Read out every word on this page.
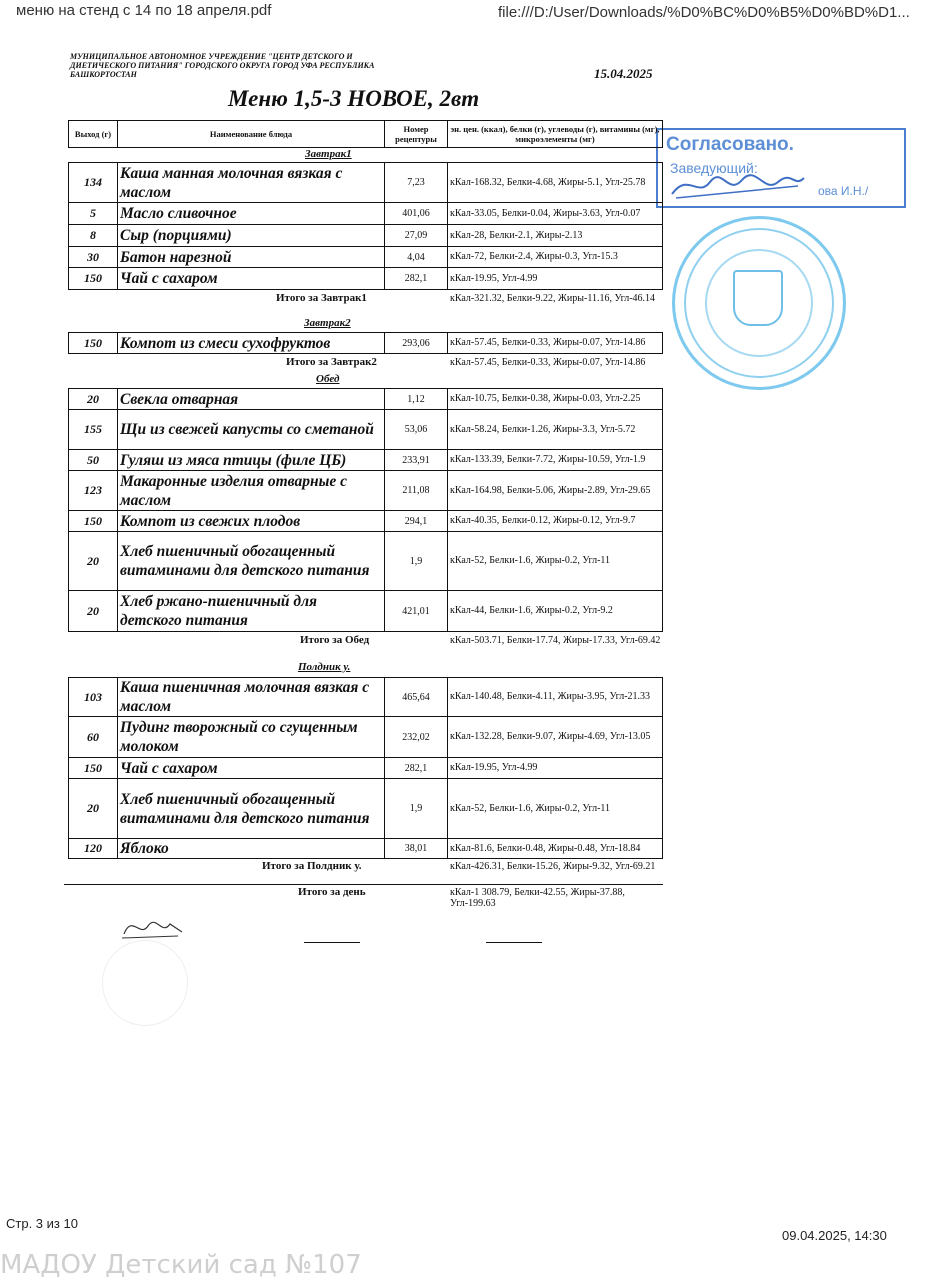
меню на стенд с 14 по 18 апреля.pdf	file:///D:/User/Downloads/%D0%BC%D0%B5%D0%BD%D1...
МУНИЦИПАЛЬНОЕ АВТОНОМНОЕ УЧРЕЖДЕНИЕ "ЦЕНТР ДЕТСКОГО И ДИЕТИЧЕСКОГО ПИТАНИЯ" ГОРОДСКОГО ОКРУГА ГОРОД УФА РЕСПУБЛИКА БАШКОРТОСТАН	15.04.2025
Меню 1,5-3 НОВОЕ, 2вт
Согласовано.
Заведующий:
ова И.Н./
Выход (г)	Наименование блюда	Номер рецептуры	эн. цен. (ккал), белки (г), углеводы (г), витамины (мг), микроэлементы (мг)
Завтрак1
134	Каша манная молочная вязкая с маслом	7,23	кКал-168.32, Белки-4.68, Жиры-5.1, Угл-25.78
5	Масло сливочное	401,06	кКал-33.05, Белки-0.04, Жиры-3.63, Угл-0.07
8	Сыр (порциями)	27,09	кКал-28, Белки-2.1, Жиры-2.13
30	Батон нарезной	4,04	кКал-72, Белки-2.4, Жиры-0.3, Угл-15.3
150	Чай с сахаром	282,1	кКал-19.95, Угл-4.99
Итого за Завтрак1	кКал-321.32, Белки-9.22, Жиры-11.16, Угл-46.14
Завтрак2
150	Компот из смеси сухофруктов	293,06	кКал-57.45, Белки-0.33, Жиры-0.07, Угл-14.86
Итого за Завтрак2	кКал-57.45, Белки-0.33, Жиры-0.07, Угл-14.86
Обед
20	Свекла отварная	1,12	кКал-10.75, Белки-0.38, Жиры-0.03, Угл-2.25
155	Щи из свежей капусты со сметаной	53,06	кКал-58.24, Белки-1.26, Жиры-3.3, Угл-5.72
50	Гуляш из мяса птицы (филе ЦБ)	233,91	кКал-133.39, Белки-7.72, Жиры-10.59, Угл-1.9
123	Макаронные изделия отварные с маслом	211,08	кКал-164.98, Белки-5.06, Жиры-2.89, Угл-29.65
150	Компот из свежих плодов	294,1	кКал-40.35, Белки-0.12, Жиры-0.12, Угл-9.7
20	Хлеб пшеничный обогащенный витаминами для детского питания	1,9	кКал-52, Белки-1.6, Жиры-0.2, Угл-11
20	Хлеб ржано-пшеничный для детского питания	421,01	кКал-44, Белки-1.6, Жиры-0.2, Угл-9.2
Итого за Обед	кКал-503.71, Белки-17.74, Жиры-17.33, Угл-69.42
Полдник у.
103	Каша пшеничная молочная вязкая с маслом	465,64	кКал-140.48, Белки-4.11, Жиры-3.95, Угл-21.33
60	Пудинг творожный со сгущенным молоком	232,02	кКал-132.28, Белки-9.07, Жиры-4.69, Угл-13.05
150	Чай с сахаром	282,1	кКал-19.95, Угл-4.99
20	Хлеб пшеничный обогащенный витаминами для детского питания	1,9	кКал-52, Белки-1.6, Жиры-0.2, Угл-11
120	Яблоко	38,01	кКал-81.6, Белки-0.48, Жиры-0.48, Угл-18.84
Итого за Полдник у.	кКал-426.31, Белки-15.26, Жиры-9.32, Угл-69.21
Итого за день	кКал-1 308.79, Белки-42.55, Жиры-37.88, Угл-199.63
Стр. 3 из 10
09.04.2025, 14:30
МАДОУ Детский сад №107
